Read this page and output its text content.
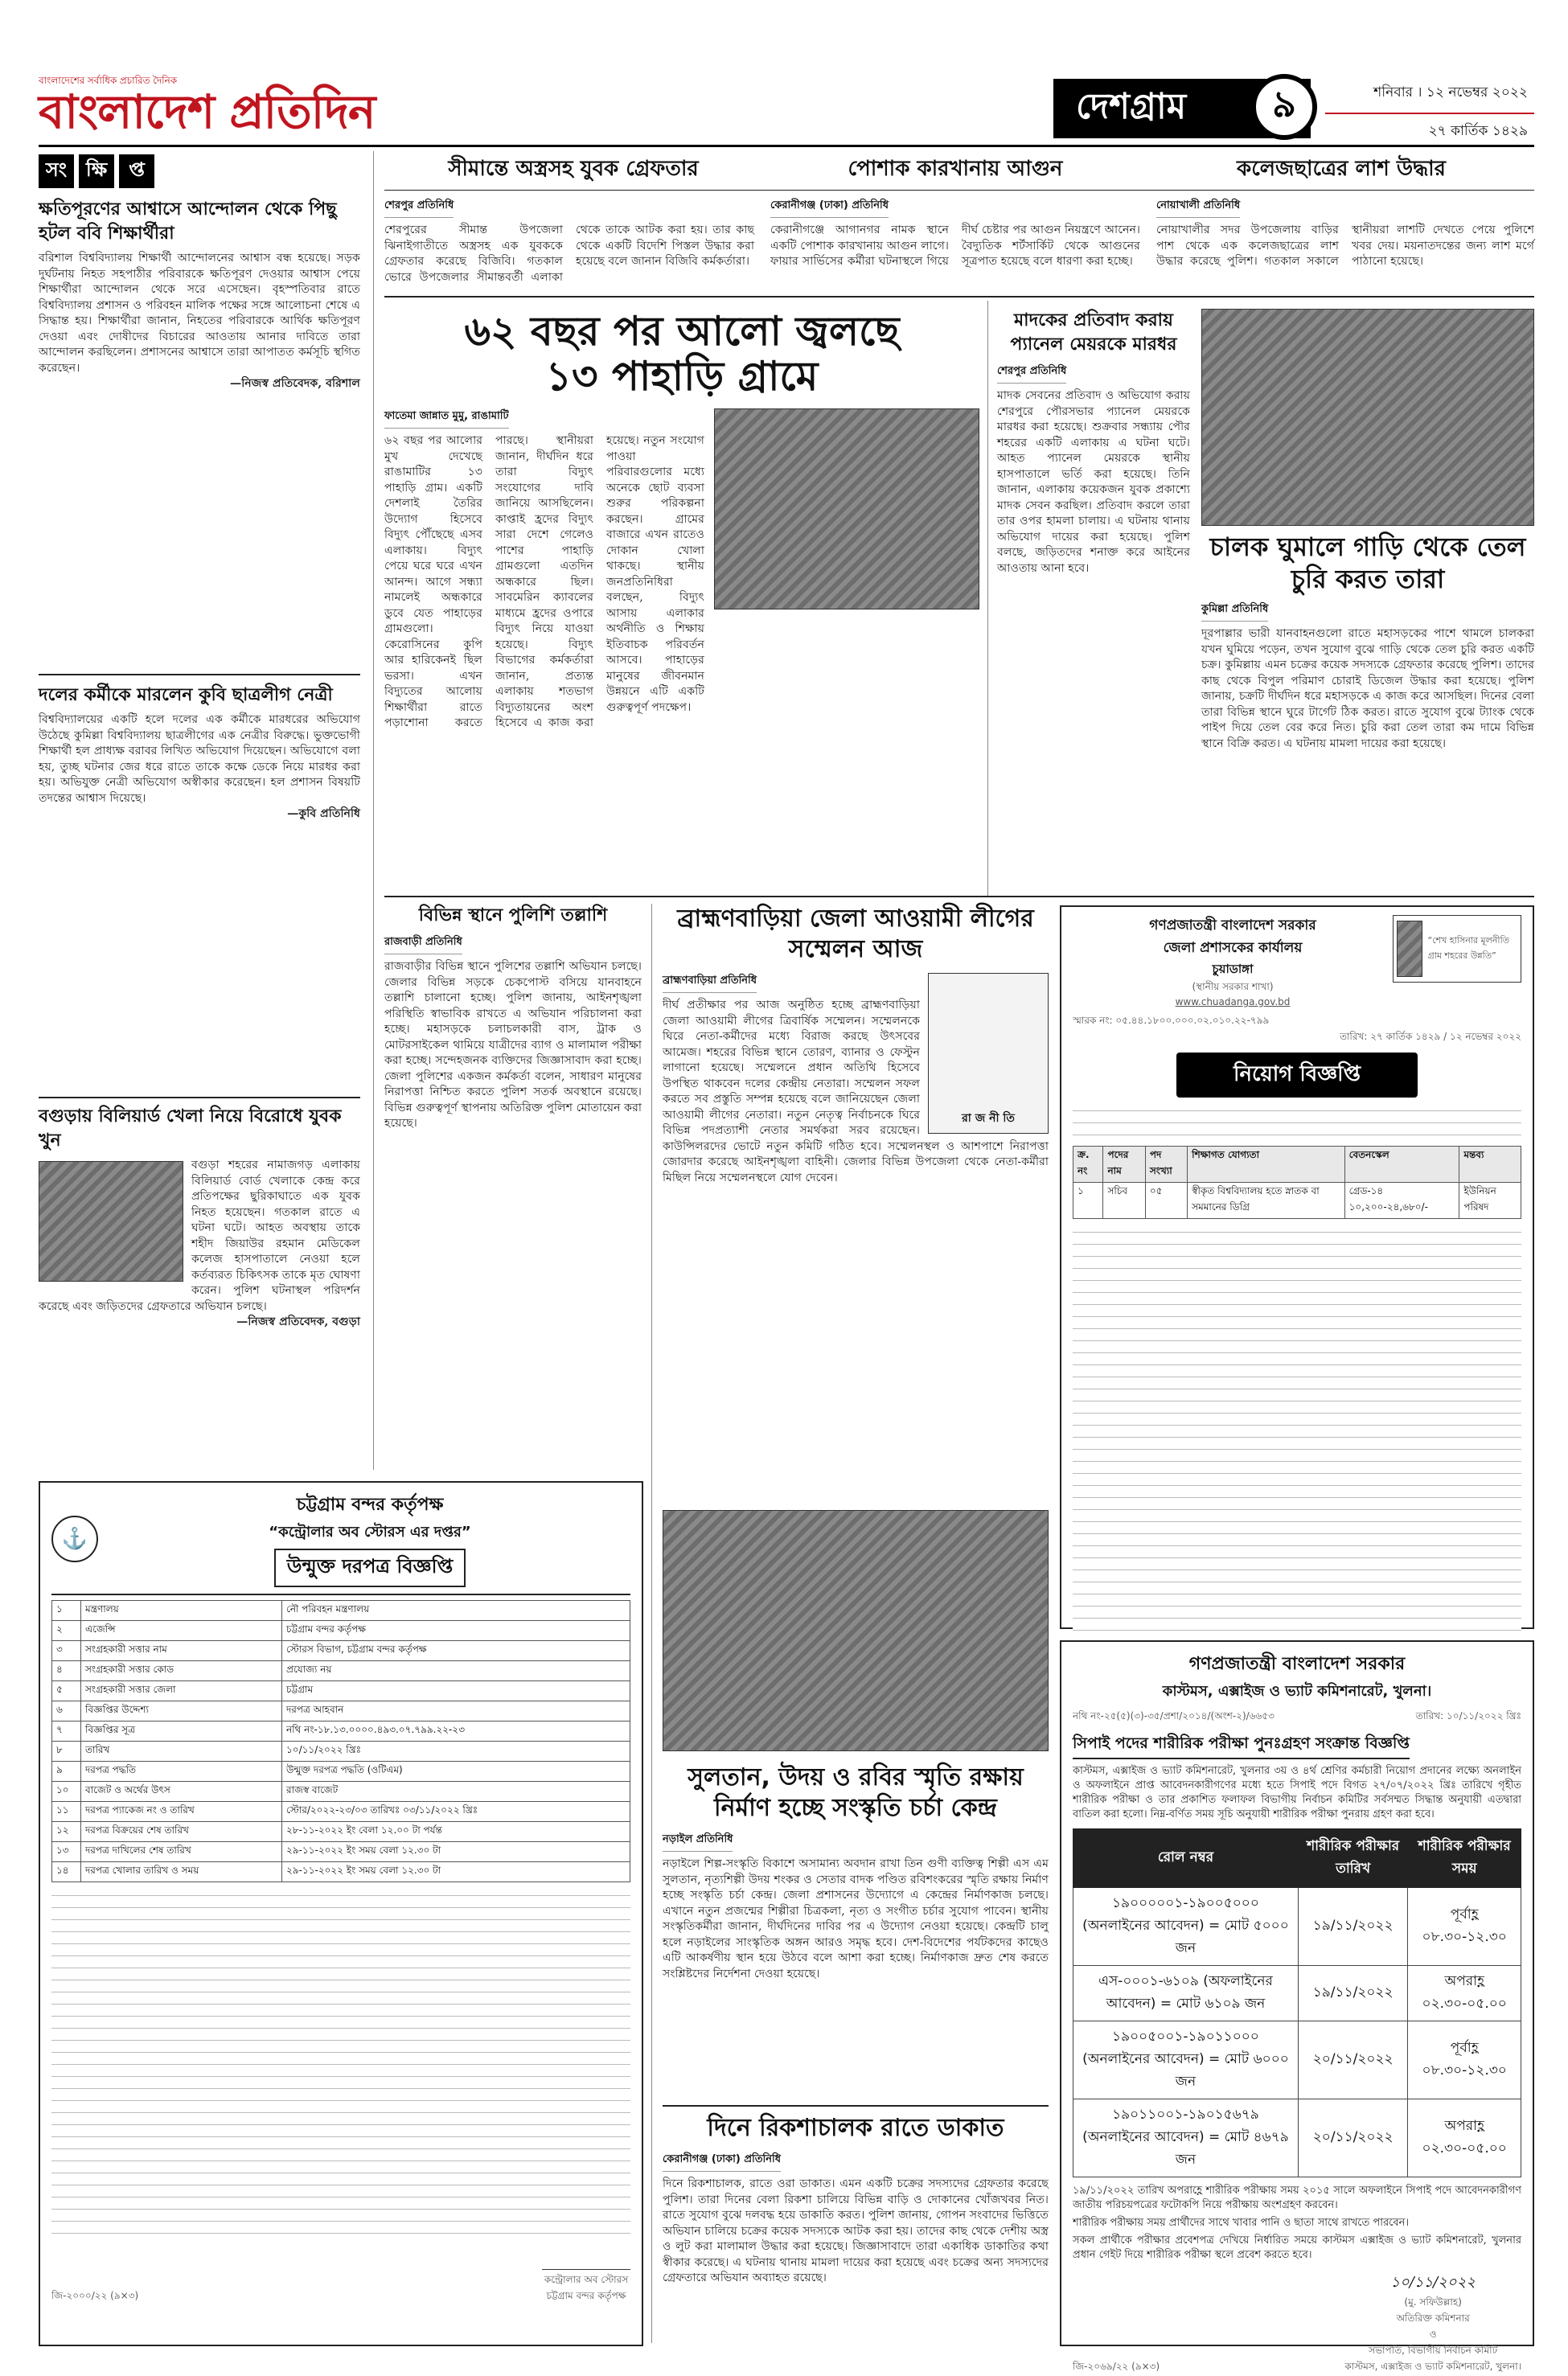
বাংলাদেশের সর্বাধিক প্রচারিত দৈনিক
বাংলাদেশ প্রতিদিন	দেশগ্রাম	৯	শনিবার । ১২ নভেম্বর ২০২২
২৭ কার্তিক ১৪২৯
সং ক্ষি	প্ত
ক্ষতিপূরণের আশ্বাসে আন্দোলন থেকে পিছু হটল ববি শিক্ষার্থীরা
বরিশাল বিশ্ববিদ্যালয় শিক্ষার্থী আন্দোলনের আশ্বাস বন্ধ হয়েছে। সড়ক দুর্ঘটনায় নিহত সহপাঠীর পরিবারকে ক্ষতিপূরণ দেওয়ার আশ্বাস পেয়ে শিক্ষার্থীরা আন্দোলন থেকে সরে এসেছেন। বৃহস্পতিবার রাতে বিশ্ববিদ্যালয় প্রশাসন ও পরিবহন মালিক পক্ষের সঙ্গে আলোচনা শেষে এ সিদ্ধান্ত হয়। শিক্ষার্থীরা জানান, নিহতের পরিবারকে আর্থিক ক্ষতিপূরণ দেওয়া এবং দোষীদের বিচারের আওতায় আনার দাবিতে তারা আন্দোলন করছিলেন। প্রশাসনের আশ্বাসে তারা আপাতত কর্মসূচি স্থগিত করেছেন।
—নিজস্ব প্রতিবেদক, বরিশাল
দলের কর্মীকে মারলেন কুবি ছাত্রলীগ নেত্রী
বিশ্ববিদ্যালয়ের একটি হলে দলের এক কর্মীকে মারধরের অভিযোগ উঠেছে কুমিল্লা বিশ্ববিদ্যালয় ছাত্রলীগের এক নেত্রীর বিরুদ্ধে। ভুক্তভোগী শিক্ষার্থী হল প্রাধ্যক্ষ বরাবর লিখিত অভিযোগ দিয়েছেন। অভিযোগে বলা হয়, তুচ্ছ ঘটনার জের ধরে রাতে তাকে কক্ষে ডেকে নিয়ে মারধর করা হয়। অভিযুক্ত নেত্রী অভিযোগ অস্বীকার করেছেন। হল প্রশাসন বিষয়টি তদন্তের আশ্বাস দিয়েছে।
—কুবি প্রতিনিধি
বগুড়ায় বিলিয়ার্ড খেলা নিয়ে বিরোধে যুবক খুন
বগুড়া শহরের নামাজগড় এলাকায় বিলিয়ার্ড বোর্ড খেলাকে কেন্দ্র করে প্রতিপক্ষের ছুরিকাঘাতে এক যুবক নিহত হয়েছেন। গতকাল রাতে এ ঘটনা ঘটে। আহত অবস্থায় তাকে শহীদ জিয়াউর রহমান মেডিকেল কলেজ হাসপাতালে নেওয়া হলে কর্তব্যরত চিকিৎসক তাকে মৃত ঘোষণা করেন। পুলিশ ঘটনাস্থল পরিদর্শন করেছে এবং জড়িতদের গ্রেফতারে অভিযান চলছে।
—নিজস্ব প্রতিবেদক, বগুড়া
সীমান্তে অস্ত্রসহ যুবক গ্রেফতার	পোশাক কারখানায় আগুন	কলেজছাত্রের লাশ উদ্ধার
শেরপুর প্রতিনিধি
শেরপুরের সীমান্ত উপজেলা ঝিনাইগাতীতে অস্ত্রসহ এক যুবককে গ্রেফতার করেছে বিজিবি। গতকাল ভোরে উপজেলার সীমান্তবর্তী এলাকা থেকে তাকে আটক করা হয়। তার কাছ থেকে একটি বিদেশি পিস্তল উদ্ধার করা হয়েছে বলে জানান বিজিবি কর্মকর্তারা।
কেরানীগঞ্জ (ঢাকা) প্রতিনিধি
কেরানীগঞ্জে আগানগর নামক স্থানে একটি পোশাক কারখানায় আগুন লাগে। ফায়ার সার্ভিসের কর্মীরা ঘটনাস্থলে গিয়ে দীর্ঘ চেষ্টার পর আগুন নিয়ন্ত্রণে আনেন। বৈদ্যুতিক শর্টসার্কিট থেকে আগুনের সূত্রপাত হয়েছে বলে ধারণা করা হচ্ছে।
নোয়াখালী প্রতিনিধি
নোয়াখালীর সদর উপজেলায় বাড়ির পাশ থেকে এক কলেজছাত্রের লাশ উদ্ধার করেছে পুলিশ। গতকাল সকালে স্থানীয়রা লাশটি দেখতে পেয়ে পুলিশে খবর দেয়। ময়নাতদন্তের জন্য লাশ মর্গে পাঠানো হয়েছে।
৬২ বছর পর আলো জ্বলছে
১৩ পাহাড়ি গ্রামে
ফাতেমা জান্নাত মুমু, রাঙামাটি
৬২ বছর পর আলোর মুখ দেখেছে রাঙামাটির ১৩ পাহাড়ি গ্রাম। একটি দেশলাই তৈরির উদ্যোগ হিসেবে বিদ্যুৎ পৌঁছেছে এসব এলাকায়। বিদ্যুৎ পেয়ে ঘরে ঘরে এখন আনন্দ। আগে সন্ধ্যা নামলেই অন্ধকারে ডুবে যেত পাহাড়ের গ্রামগুলো। কেরোসিনের কুপি আর হারিকেনই ছিল ভরসা। এখন বিদ্যুতের আলোয় শিক্ষার্থীরা রাতে পড়াশোনা করতে পারছে। স্থানীয়রা জানান, দীর্ঘদিন ধরে তারা বিদ্যুৎ সংযোগের দাবি জানিয়ে আসছিলেন। কাপ্তাই হ্রদের বিদ্যুৎ সারা দেশে গেলেও পাশের পাহাড়ি গ্রামগুলো এতদিন অন্ধকারে ছিল। সাবমেরিন ক্যাবলের মাধ্যমে হ্রদের ওপারে বিদ্যুৎ নিয়ে যাওয়া হয়েছে। বিদ্যুৎ বিভাগের কর্মকর্তারা জানান, প্রত্যন্ত এলাকায় শতভাগ বিদ্যুতায়নের অংশ হিসেবে এ কাজ করা হয়েছে। নতুন সংযোগ পাওয়া পরিবারগুলোর মধ্যে অনেকে ছোট ব্যবসা শুরুর পরিকল্পনা করছেন। গ্রামের বাজারে এখন রাতেও দোকান খোলা থাকছে। স্থানীয় জনপ্রতিনিধিরা বলছেন, বিদ্যুৎ আসায় এলাকার অর্থনীতি ও শিক্ষায় ইতিবাচক পরিবর্তন আসবে। পাহাড়ের মানুষের জীবনমান উন্নয়নে এটি একটি গুরুত্বপূর্ণ পদক্ষেপ।
মাদকের প্রতিবাদ করায় প্যানেল মেয়রকে মারধর
শেরপুর প্রতিনিধি
মাদক সেবনের প্রতিবাদ ও অভিযোগ করায় শেরপুরে পৌরসভার প্যানেল মেয়রকে মারধর করা হয়েছে। শুক্রবার সন্ধ্যায় পৌর শহরের একটি এলাকায় এ ঘটনা ঘটে। আহত প্যানেল মেয়রকে স্থানীয় হাসপাতালে ভর্তি করা হয়েছে। তিনি জানান, এলাকায় কয়েকজন যুবক প্রকাশ্যে মাদক সেবন করছিল। প্রতিবাদ করলে তারা তার ওপর হামলা চালায়। এ ঘটনায় থানায় অভিযোগ দায়ের করা হয়েছে। পুলিশ বলছে, জড়িতদের শনাক্ত করে আইনের আওতায় আনা হবে।
চালক ঘুমালে গাড়ি থেকে তেল চুরি করত তারা
কুমিল্লা প্রতিনিধি
দূরপাল্লার ভারী যানবাহনগুলো রাতে মহাসড়কের পাশে থামলে চালকরা যখন ঘুমিয়ে পড়েন, তখন সুযোগ বুঝে গাড়ি থেকে তেল চুরি করত একটি চক্র। কুমিল্লায় এমন চক্রের কয়েক সদস্যকে গ্রেফতার করেছে পুলিশ। তাদের কাছ থেকে বিপুল পরিমাণ চোরাই ডিজেল উদ্ধার করা হয়েছে। পুলিশ জানায়, চক্রটি দীর্ঘদিন ধরে মহাসড়কে এ কাজ করে আসছিল। দিনের বেলা তারা বিভিন্ন স্থানে ঘুরে টার্গেট ঠিক করত। রাতে সুযোগ বুঝে ট্যাংক থেকে পাইপ দিয়ে তেল বের করে নিত। চুরি করা তেল তারা কম দামে বিভিন্ন স্থানে বিক্রি করত। এ ঘটনায় মামলা দায়ের করা হয়েছে।
বিভিন্ন স্থানে পুলিশি তল্লাশি
রাজবাড়ী প্রতিনিধি
রাজবাড়ীর বিভিন্ন স্থানে পুলিশের তল্লাশি অভিযান চলছে। জেলার বিভিন্ন সড়কে চেকপোস্ট বসিয়ে যানবাহনে তল্লাশি চালানো হচ্ছে। পুলিশ জানায়, আইনশৃঙ্খলা পরিস্থিতি স্বাভাবিক রাখতে এ অভিযান পরিচালনা করা হচ্ছে। মহাসড়কে চলাচলকারী বাস, ট্রাক ও মোটরসাইকেল থামিয়ে যাত্রীদের ব্যাগ ও মালামাল পরীক্ষা করা হচ্ছে। সন্দেহজনক ব্যক্তিদের জিজ্ঞাসাবাদ করা হচ্ছে। জেলা পুলিশের একজন কর্মকর্তা বলেন, সাধারণ মানুষের নিরাপত্তা নিশ্চিত করতে পুলিশ সতর্ক অবস্থানে রয়েছে। বিভিন্ন গুরুত্বপূর্ণ স্থাপনায় অতিরিক্ত পুলিশ মোতায়েন করা হয়েছে।
ব্রাহ্মণবাড়িয়া জেলা আওয়ামী লীগের সম্মেলন আজ
ব্রাহ্মণবাড়িয়া প্রতিনিধি
রা জ নী তি
দীর্ঘ প্রতীক্ষার পর আজ অনুষ্ঠিত হচ্ছে ব্রাহ্মণবাড়িয়া জেলা আওয়ামী লীগের ত্রিবার্ষিক সম্মেলন। সম্মেলনকে ঘিরে নেতা-কর্মীদের মধ্যে বিরাজ করছে উৎসবের আমেজ। শহরের বিভিন্ন স্থানে তোরণ, ব্যানার ও ফেস্টুন লাগানো হয়েছে। সম্মেলনে প্রধান অতিথি হিসেবে উপস্থিত থাকবেন দলের কেন্দ্রীয় নেতারা। সম্মেলন সফল করতে সব প্রস্তুতি সম্পন্ন হয়েছে বলে জানিয়েছেন জেলা আওয়ামী লীগের নেতারা। নতুন নেতৃত্ব নির্বাচনকে ঘিরে বিভিন্ন পদপ্রত্যাশী নেতার সমর্থকরা সরব রয়েছেন। কাউন্সিলরদের ভোটে নতুন কমিটি গঠিত হবে। সম্মেলনস্থল ও আশপাশে নিরাপত্তা জোরদার করেছে আইনশৃঙ্খলা বাহিনী। জেলার বিভিন্ন উপজেলা থেকে নেতা-কর্মীরা মিছিল নিয়ে সম্মেলনস্থলে যোগ দেবেন।
সুলতান, উদয় ও রবির স্মৃতি রক্ষায় নির্মাণ হচ্ছে সংস্কৃতি চর্চা কেন্দ্র
নড়াইল প্রতিনিধি
নড়াইলে শিল্প-সংস্কৃতি বিকাশে অসামান্য অবদান রাখা তিন গুণী ব্যক্তিত্ব শিল্পী এস এম সুলতান, নৃত্যশিল্পী উদয় শংকর ও সেতার বাদক পণ্ডিত রবিশংকরের স্মৃতি রক্ষায় নির্মাণ হচ্ছে সংস্কৃতি চর্চা কেন্দ্র। জেলা প্রশাসনের উদ্যোগে এ কেন্দ্রের নির্মাণকাজ চলছে। এখানে নতুন প্রজন্মের শিল্পীরা চিত্রকলা, নৃত্য ও সংগীত চর্চার সুযোগ পাবেন। স্থানীয় সংস্কৃতিকর্মীরা জানান, দীর্ঘদিনের দাবির পর এ উদ্যোগ নেওয়া হয়েছে। কেন্দ্রটি চালু হলে নড়াইলের সাংস্কৃতিক অঙ্গন আরও সমৃদ্ধ হবে। দেশ-বিদেশের পর্যটকদের কাছেও এটি আকর্ষণীয় স্থান হয়ে উঠবে বলে আশা করা হচ্ছে। নির্মাণকাজ দ্রুত শেষ করতে সংশ্লিষ্টদের নির্দেশনা দেওয়া হয়েছে।
দিনে রিকশাচালক রাতে ডাকাত
কেরানীগঞ্জ (ঢাকা) প্রতিনিধি
দিনে রিকশাচালক, রাতে ওরা ডাকাত। এমন একটি চক্রের সদস্যদের গ্রেফতার করেছে পুলিশ। তারা দিনের বেলা রিকশা চালিয়ে বিভিন্ন বাড়ি ও দোকানের খোঁজখবর নিত। রাতে সুযোগ বুঝে দলবদ্ধ হয়ে ডাকাতি করত। পুলিশ জানায়, গোপন সংবাদের ভিত্তিতে অভিযান চালিয়ে চক্রের কয়েক সদস্যকে আটক করা হয়। তাদের কাছ থেকে দেশীয় অস্ত্র ও লুট করা মালামাল উদ্ধার করা হয়েছে। জিজ্ঞাসাবাদে তারা একাধিক ডাকাতির কথা স্বীকার করেছে। এ ঘটনায় থানায় মামলা দায়ের করা হয়েছে এবং চক্রের অন্য সদস্যদের গ্রেফতারে অভিযান অব্যাহত রয়েছে।
⚓
চট্টগ্রাম বন্দর কর্তৃপক্ষ
“কন্ট্রোলার অব স্টোরস এর দপ্তর”
উন্মুক্ত দরপত্র বিজ্ঞপ্তি
১	মন্ত্রণালয়	নৌ পরিবহন মন্ত্রণালয়
২	এজেন্সি	চট্টগ্রাম বন্দর কর্তৃপক্ষ
৩	সংগ্রহকারী সত্তার নাম	স্টোরস বিভাগ, চট্টগ্রাম বন্দর কর্তৃপক্ষ
৪	সংগ্রহকারী সত্তার কোড	প্রযোজ্য নয়
৫	সংগ্রহকারী সত্তার জেলা	চট্টগ্রাম
৬	বিজ্ঞপ্তির উদ্দেশ্য	দরপত্র আহবান
৭	বিজ্ঞপ্তির সূত্র	নথি নং-১৮.১৩.০০০০.৪৯৩.০৭.৭৯৯.২২-২৩
৮	তারিখ	১০/১১/২০২২ খ্রিঃ
৯	দরপত্র পদ্ধতি	উন্মুক্ত দরপত্র পদ্ধতি (ওটিএম)
১০	বাজেট ও অর্থের উৎস	রাজস্ব বাজেট
১১	দরপত্র প্যাকেজ নং ও তারিখ	স্টোর/২০২২-২৩/০৩ তারিখঃ ০৩/১১/২০২২ খ্রিঃ
১২	দরপত্র বিক্রয়ের শেষ তারিখ	২৮-১১-২০২২ ইং বেলা ১২.০০ টা পর্যন্ত
১৩	দরপত্র দাখিলের শেষ তারিখ	২৯-১১-২০২২ ইং সময় বেলা ১২.৩০ টা
১৪	দরপত্র খোলার তারিখ ও সময়	২৯-১১-২০২২ ইং সময় বেলা ১২.৩০ টা
জি-২০০০/২২ (৯×৩)
কন্ট্রোলার অব স্টোরস
চট্টগ্রাম বন্দর কর্তৃপক্ষ
গণপ্রজাতন্ত্রী বাংলাদেশ সরকার
জেলা প্রশাসকের কার্যালয়
চুয়াডাঙ্গা
(স্থানীয় সরকার শাখা)
www.chuadanga.gov.bd
“শেখ হাসিনার মূলনীতি গ্রাম শহরের উন্নতি”
স্মারক নং: ০৫.৪৪.১৮০০.০০০.০২.০১০.২২-৭৯৯
তারিখ: ২৭ কার্তিক ১৪২৯ / ১২ নভেম্বর ২০২২
নিয়োগ বিজ্ঞপ্তি
ক্র. নং	পদের নাম	পদ সংখ্যা	শিক্ষাগত যোগ্যতা	বেতনস্কেল	মন্তব্য
১	সচিব	০৫	স্বীকৃত বিশ্ববিদ্যালয় হতে স্নাতক বা সমমানের ডিগ্রি	গ্রেড-১৪ ১০,২০০-২৪,৬৮০/-	ইউনিয়ন পরিষদ
গণপ্রজাতন্ত্রী বাংলাদেশ সরকার
কাস্টমস, এক্সাইজ ও ভ্যাট কমিশনারেট, খুলনা।
নথি নং-২৫(৫)(৩)-৩৫/প্রশা/২০১৪/(অংশ-২)/৬৬৫৩	তারিখ: ১০/১১/২০২২ খ্রিঃ
সিপাই পদের শারীরিক পরীক্ষা পুনঃগ্রহণ সংক্রান্ত বিজ্ঞপ্তি
কাস্টমস, এক্সাইজ ও ভ্যাট কমিশনারেট, খুলনার ৩য় ও ৪র্থ শ্রেণির কর্মচারী নিয়োগ প্রদানের লক্ষ্যে অনলাইন ও অফলাইনে প্রাপ্ত আবেদনকারীগণের মধ্যে হতে সিপাই পদে বিগত ২৭/০৭/২০২২ খ্রিঃ তারিখে গৃহীত শারীরিক পরীক্ষা ও তার প্রকাশিত ফলাফল বিভাগীয় নির্বাচন কমিটির সর্বসম্মত সিদ্ধান্ত অনুযায়ী এতদ্বারা বাতিল করা হলো। নিম্ন-বর্ণিত সময় সূচি অনুযায়ী শারীরিক পরীক্ষা পুনরায় গ্রহণ করা হবে।
রোল নম্বর	শারীরিক পরীক্ষার তারিখ	শারীরিক পরীক্ষার সময়
১৯০০০০০১-১৯০০৫০০০ (অনলাইনের আবেদন) = মোট ৫০০০ জন	১৯/১১/২০২২	পূর্বাহ্ণ ০৮.৩০-১২.৩০
এস-০০০১-৬১০৯ (অফলাইনের আবেদন) = মোট ৬১০৯ জন	১৯/১১/২০২২	অপরাহ্ণ ০২.৩০-০৫.০০
১৯০০৫০০১-১৯০১১০০০ (অনলাইনের আবেদন) = মোট ৬০০০ জন	২০/১১/২০২২	পূর্বাহ্ণ ০৮.৩০-১২.৩০
১৯০১১০০১-১৯০১৫৬৭৯ (অনলাইনের আবেদন) = মোট ৪৬৭৯ জন	২০/১১/২০২২	অপরাহ্ণ ০২.৩০-০৫.০০
১৯/১১/২০২২ তারিখ অপরাহ্ণে শারীরিক পরীক্ষায় সময় ২০১৫ সালে অফলাইনে সিপাই পদে আবেদনকারীগণ জাতীয় পরিচয়পত্রের ফটোকপি নিয়ে পরীক্ষায় অংশগ্রহণ করবেন।
শারীরিক পরীক্ষায় সময় প্রার্থীদের সাথে খাবার পানি ও ছাতা সাথে রাখতে পারবেন।
সকল প্রার্থীকে পরীক্ষার প্রবেশপত্র দেখিয়ে নির্ধারিত সময়ে কাস্টমস এক্সাইজ ও ভ্যাট কমিশনারেট, খুলনার প্রধান গেইট দিয়ে শারীরিক পরীক্ষা স্থলে প্রবেশ করতে হবে।
জি-২০৬৯/২২ (৯×৩)
১০/১১/২০২২
(মু. সফিউল্লাহ)
অতিরিক্ত কমিশনার
ও
সভাপতি, বিভাগীয় নির্বাচন কমিটি
কাস্টমস, এক্সাইজ ও ভ্যাট কমিশনারেট, খুলনা।
